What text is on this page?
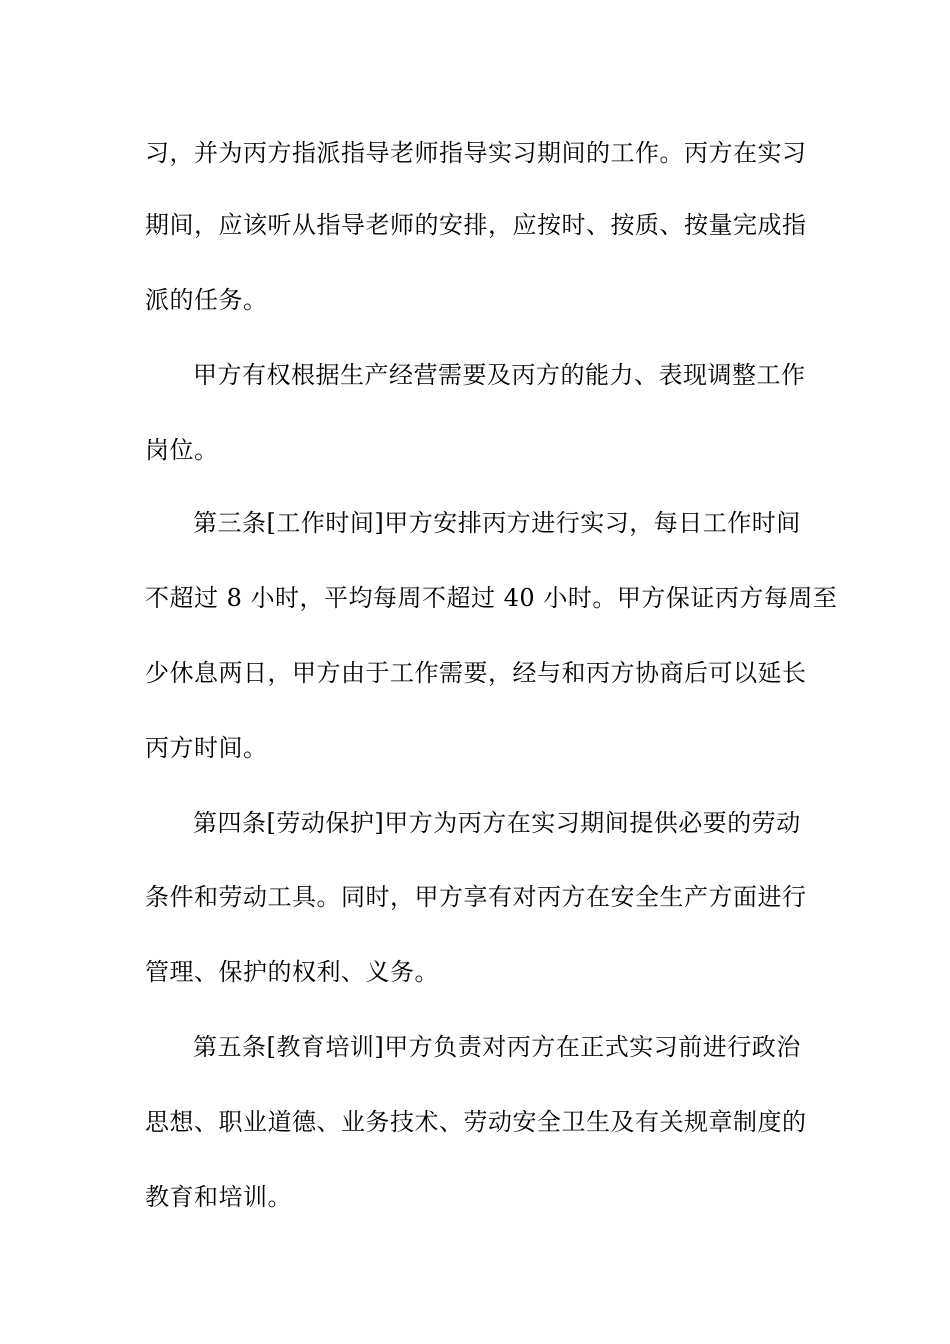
习，并为丙方指派指导老师指导实习期间的工作。丙方在实习
期间，应该听从指导老师的安排，应按时、按质、按量完成指
派的任务。
甲方有权根据生产经营需要及丙方的能力、表现调整工作
岗位。
第三条[工作时间]甲方安排丙方进行实习，每日工作时间
不超过 8 小时，平均每周不超过 40 小时。甲方保证丙方每周至
少休息两日，甲方由于工作需要，经与和丙方协商后可以延长
丙方时间。
第四条[劳动保护]甲方为丙方在实习期间提供必要的劳动
条件和劳动工具。同时，甲方享有对丙方在安全生产方面进行
管理、保护的权利、义务。
第五条[教育培训]甲方负责对丙方在正式实习前进行政治
思想、职业道德、业务技术、劳动安全卫生及有关规章制度的
教育和培训。
